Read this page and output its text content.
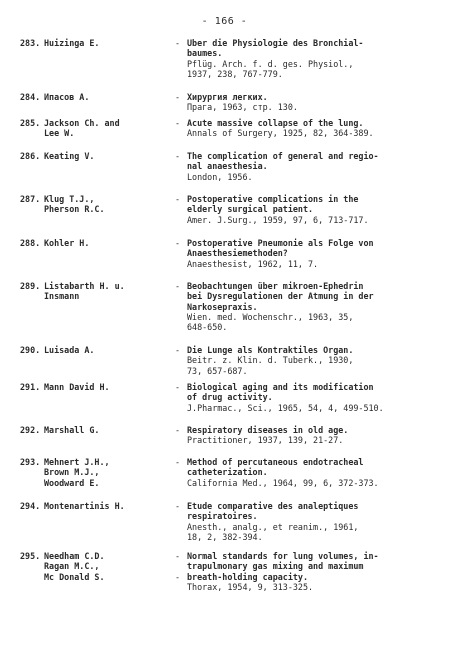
- 166 -
283. Huizinga E.	-

Uber die Physiologie des Bronchial-
baumes.
Pflüg. Arch. f. d. ges. Physiol.,
1937, 238, 767-779.
284. Ипаcов А.	-
Хирургия легких.
Прага, 1963, стр. 130.
285. Jackson Ch. and
Lee W.
-
Acute massive collapse of the lung.
Annals of Surgery, 1925, 82, 364-389.
286. Keating V.	-

The complication of general and regio-
nal anaesthesia.
London, 1956.
287. Klug T.J.,
Pherson R.C.
-

Postoperative complications in the
elderly surgical patient.
Amer. J.Surg., 1959, 97, 6, 713-717.
288. Kohler H.	-

Postoperative Pneumonie als Folge von
Anaesthesiemethoden?
Anaesthesist, 1962, 11, 7.
289. Listabarth H. u.
Insmann
-

Beobachtungen über mikroen-Ephedrin
bei Dysregulationen der Atmung in der
Narkosepraxis.
Wien. med. Wochenschr., 1963, 35,
648-650.
290. Luisada A.	-

Die Lunge als Kontraktiles Organ.
Beitr. z. Klin. d. Tuberk., 1930,
73, 657-687.
291. Mann David H.	-

Biological aging and its modification
of drug activity.
J.Pharmac., Sci., 1965, 54, 4, 499-510.
292. Marshall G.	-
Respiratory diseases in old age.
Practitioner, 1937, 139, 21-27.
293. Mehnert J.H.,
Brown M.J.,
Woodward E.
-

Method of percutaneous endotracheal
catheterization.
California Med., 1964, 99, 6, 372-373.
294. Montenartinis H.	-

Etude comparative des analeptiques
respiratoires.
Anesth., analg., et reanim., 1961,
18, 2, 382-394.
295. Needham C.D.
Ragan M.C.,
Mc Donald S.
-

-

Normal standards for lung volumes, in-
trapulmonary gas mixing and maximum
breath-holding capacity.
Thorax, 1954, 9, 313-325.
